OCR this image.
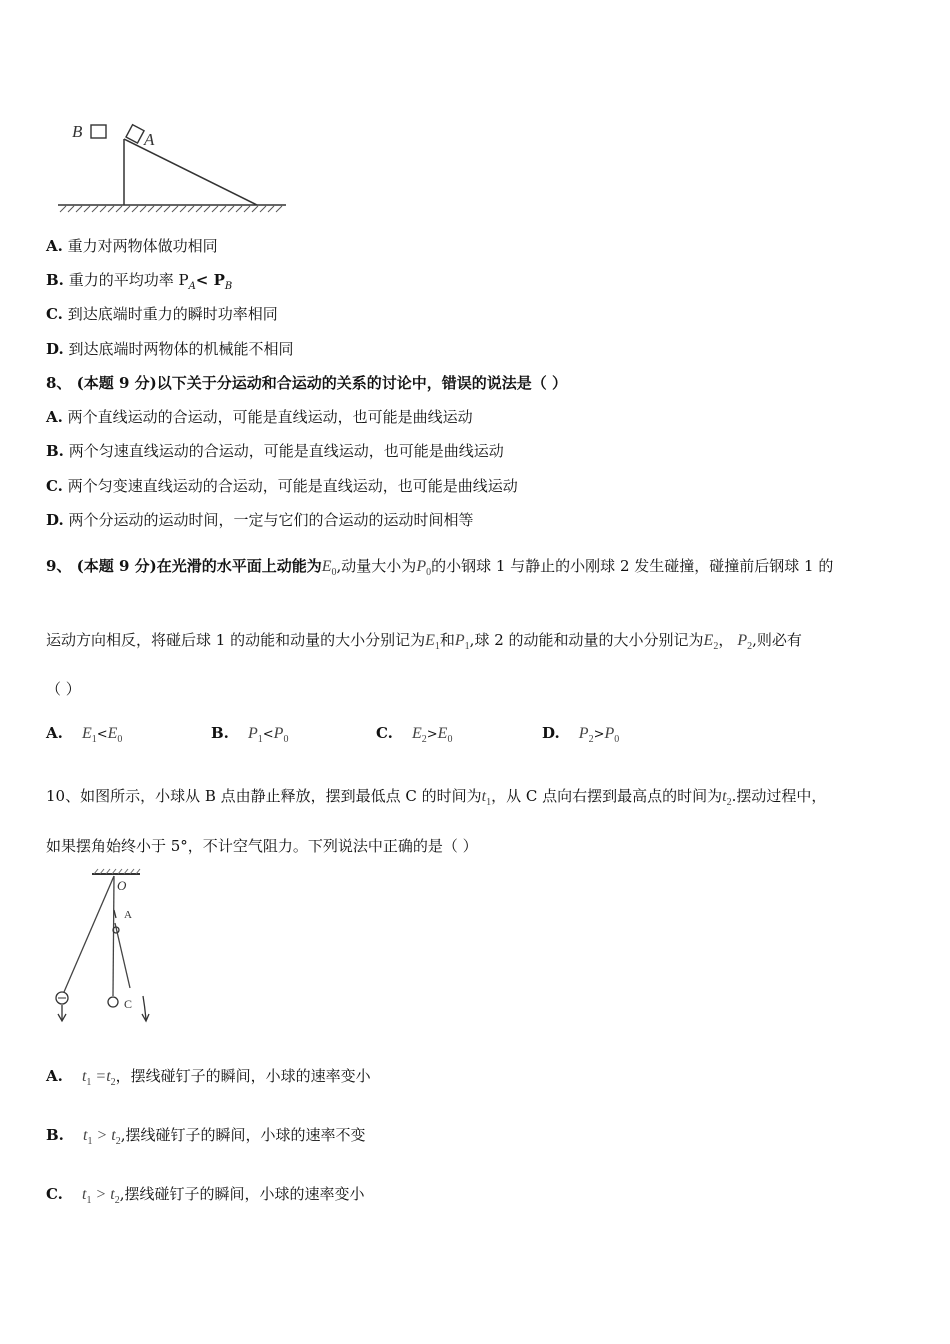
B	A
A. 重力对两物体做功相同
B. 重力的平均功率 $P_A< P_B$
C. 到达底端时重力的瞬时功率相同
D. 到达底端时两物体的机械能不相同
8、 (本题 9 分)以下关于分运动和合运动的关系的讨论中，错误的说法是（ ）
A. 两个直线运动的合运动，可能是直线运动，也可能是曲线运动
B. 两个匀速直线运动的合运动，可能是直线运动，也可能是曲线运动
C. 两个匀变速直线运动的合运动，可能是直线运动，也可能是曲线运动
D. 两个分运动的运动时间，一定与它们的合运动的运动时间相等
9、 (本题 9 分)在光滑的水平面上动能为$E_0$,动量大小为$P_0$的小钢球 1 与静止的小刚球 2 发生碰撞，碰撞前后钢球 1 的
运动方向相反，将碰后球 1 的动能和动量的大小分别记为$E_1$和$P_1$,球 2 的动能和动量的大小分别记为$E_2$， $P_2$,则必有
（ ）
A. $E_1<E_0$	B. $P_1<P_0$	C. $E_2>E_0$	D. $P_2>P_0$
10、如图所示，小球从 B 点由静止释放，摆到最低点 C 的时间为$t_1$，从 C 点向右摆到最高点的时间为$t_2$.摆动过程中，
如果摆角始终小于 5°，不计空气阻力。下列说法中正确的是（ ）
O
A
C
A. $t_1 =t_2$，摆线碰钉子的瞬间，小球的速率变小
B. $t_1 > t_2$,摆线碰钉子的瞬间，小球的速率不变
C. $t_1 > t_2$,摆线碰钉子的瞬间，小球的速率变小
